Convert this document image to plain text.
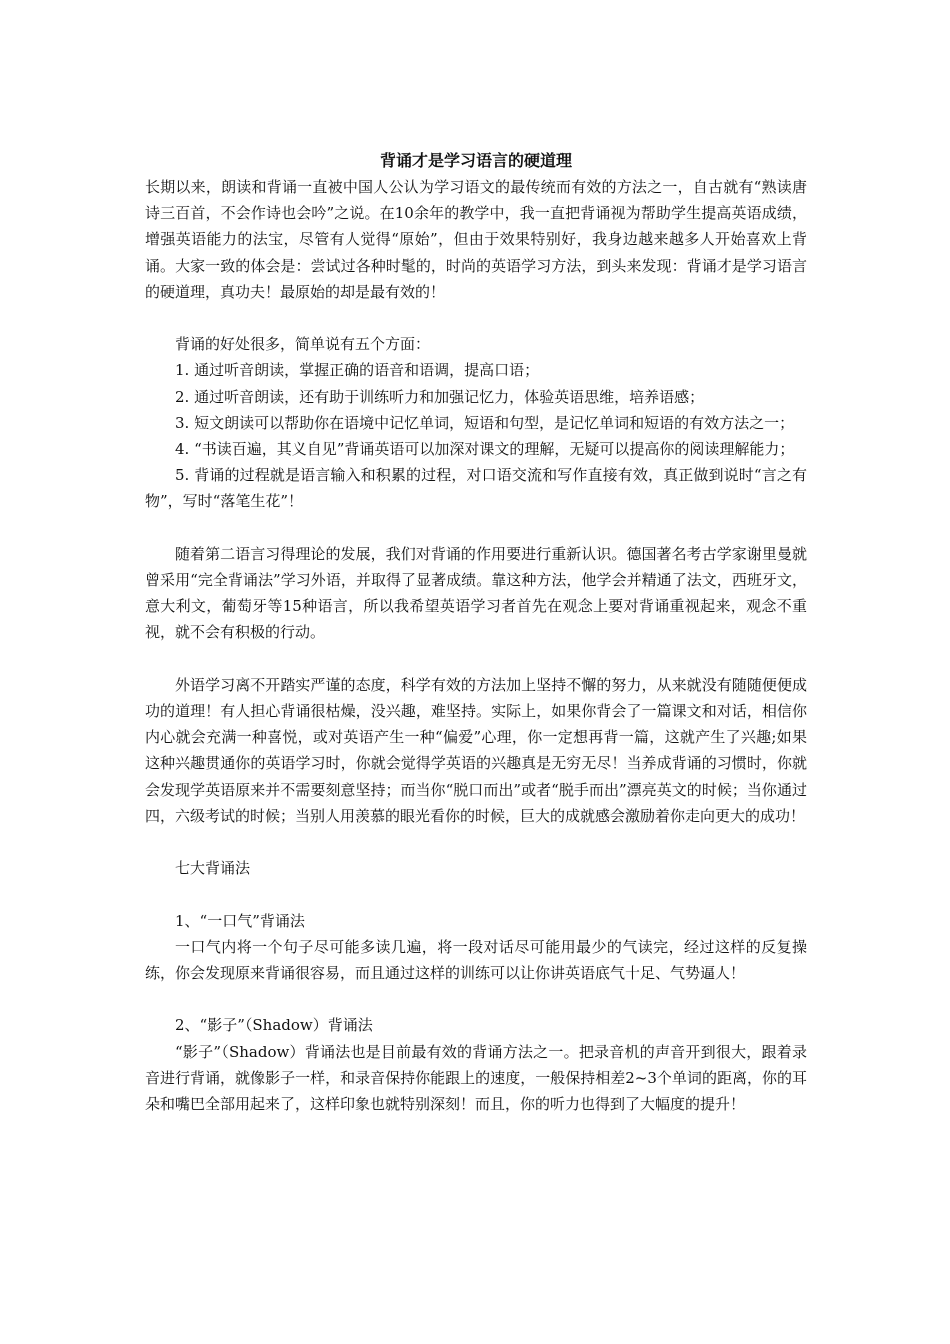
背诵才是学习语言的硬道理

长期以来，朗读和背诵一直被中国人公认为学习语文的最传统而有效的方法之一，自古就有“熟读唐诗三百首，不会作诗也会吟”之说。在10余年的教学中，我一直把背诵视为帮助学生提高英语成绩，增强英语能力的法宝，尽管有人觉得“原始”，但由于效果特别好，我身边越来越多人开始喜欢上背诵。大家一致的体会是：尝试过各种时髦的，时尚的英语学习方法，到头来发现：背诵才是学习语言的硬道理，真功夫！最原始的却是最有效的！

背诵的好处很多，简单说有五个方面：

1. 通过听音朗读，掌握正确的语音和语调，提高口语；

2. 通过听音朗读，还有助于训练听力和加强记忆力，体验英语思维，培养语感；

3. 短文朗读可以帮助你在语境中记忆单词，短语和句型，是记忆单词和短语的有效方法之一；

4. “书读百遍，其义自见”背诵英语可以加深对课文的理解，无疑可以提高你的阅读理解能力；

5. 背诵的过程就是语言输入和积累的过程，对口语交流和写作直接有效，真正做到说时“言之有物”，写时“落笔生花”！

随着第二语言习得理论的发展，我们对背诵的作用要进行重新认识。德国著名考古学家谢里曼就曾采用“完全背诵法”学习外语，并取得了显著成绩。靠这种方法，他学会并精通了法文，西班牙文，意大利文，葡萄牙等15种语言，所以我希望英语学习者首先在观念上要对背诵重视起来，观念不重视，就不会有积极的行动。

外语学习离不开踏实严谨的态度，科学有效的方法加上坚持不懈的努力，从来就没有随随便便成功的道理！有人担心背诵很枯燥，没兴趣，难坚持。实际上，如果你背会了一篇课文和对话，相信你内心就会充满一种喜悦，或对英语产生一种“偏爱”心理，你一定想再背一篇，这就产生了兴趣;如果这种兴趣贯通你的英语学习时，你就会觉得学英语的兴趣真是无穷无尽！当养成背诵的习惯时，你就会发现学英语原来并不需要刻意坚持；而当你“脱口而出”或者“脱手而出”漂亮英文的时候；当你通过四，六级考试的时候；当别人用羡慕的眼光看你的时候，巨大的成就感会激励着你走向更大的成功！

七大背诵法

1、“一口气”背诵法

一口气内将一个句子尽可能多读几遍，将一段对话尽可能用最少的气读完，经过这样的反复操练，你会发现原来背诵很容易，而且通过这样的训练可以让你讲英语底气十足、气势逼人！

2、“影子”（Shadow）背诵法

“影子”（Shadow）背诵法也是目前最有效的背诵方法之一。把录音机的声音开到很大，跟着录音进行背诵，就像影子一样，和录音保持你能跟上的速度，一般保持相差2~3个单词的距离，你的耳朵和嘴巴全部用起来了，这样印象也就特别深刻！而且，你的听力也得到了大幅度的提升！
